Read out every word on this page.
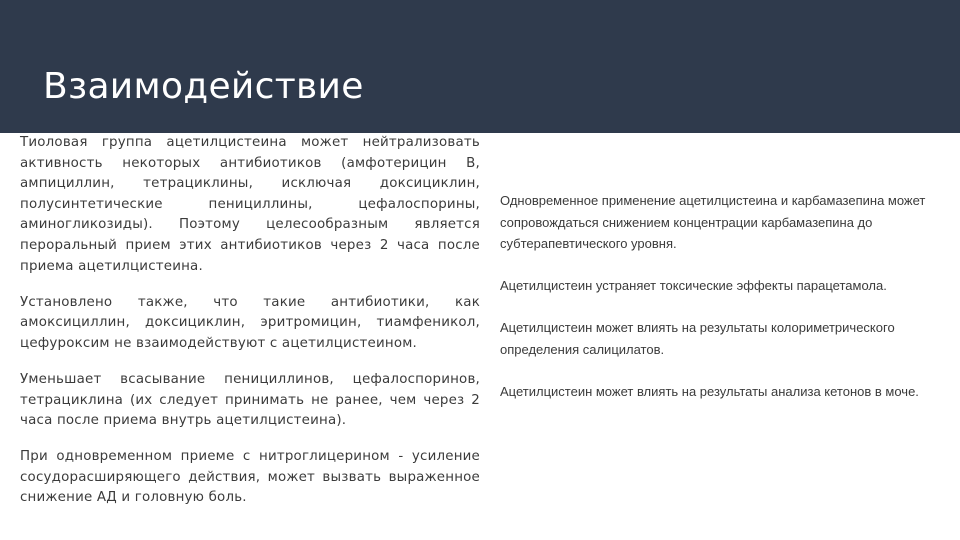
Взаимодействие

Тиоловая группа ацетилцистеина может нейтрализовать активность некоторых антибиотиков (амфотерицин В, ампициллин, тетрациклины, исключая доксициклин, полусинтетические пенициллины, цефалоспорины, аминогликозиды). Поэтому целесообразным является пероральный прием этих антибиотиков через 2 часа после приема ацетилцистеина.

Установлено также, что такие антибиотики, как амоксициллин, доксициклин, эритромицин, тиамфеникол, цефуроксим не взаимодействуют с ацетилцистеином.

Уменьшает всасывание пенициллинов, цефалоспоринов, тетрациклина (их следует принимать не ранее, чем через 2 часа после приема внутрь ацетилцистеина).

При одновременном приеме с нитроглицерином - усиление сосудорасширяющего действия, может вызвать выраженное снижение АД и головную боль.

Одновременное применение ацетилцистеина и карбамазепина может сопровождаться снижением концентрации карбамазепина до субтерапевтического уровня.

Ацетилцистеин устраняет токсические эффекты парацетамола.

Ацетилцистеин может влиять на результаты колориметрического определения салицилатов.

Ацетилцистеин может влиять на результаты анализа кетонов в моче.
